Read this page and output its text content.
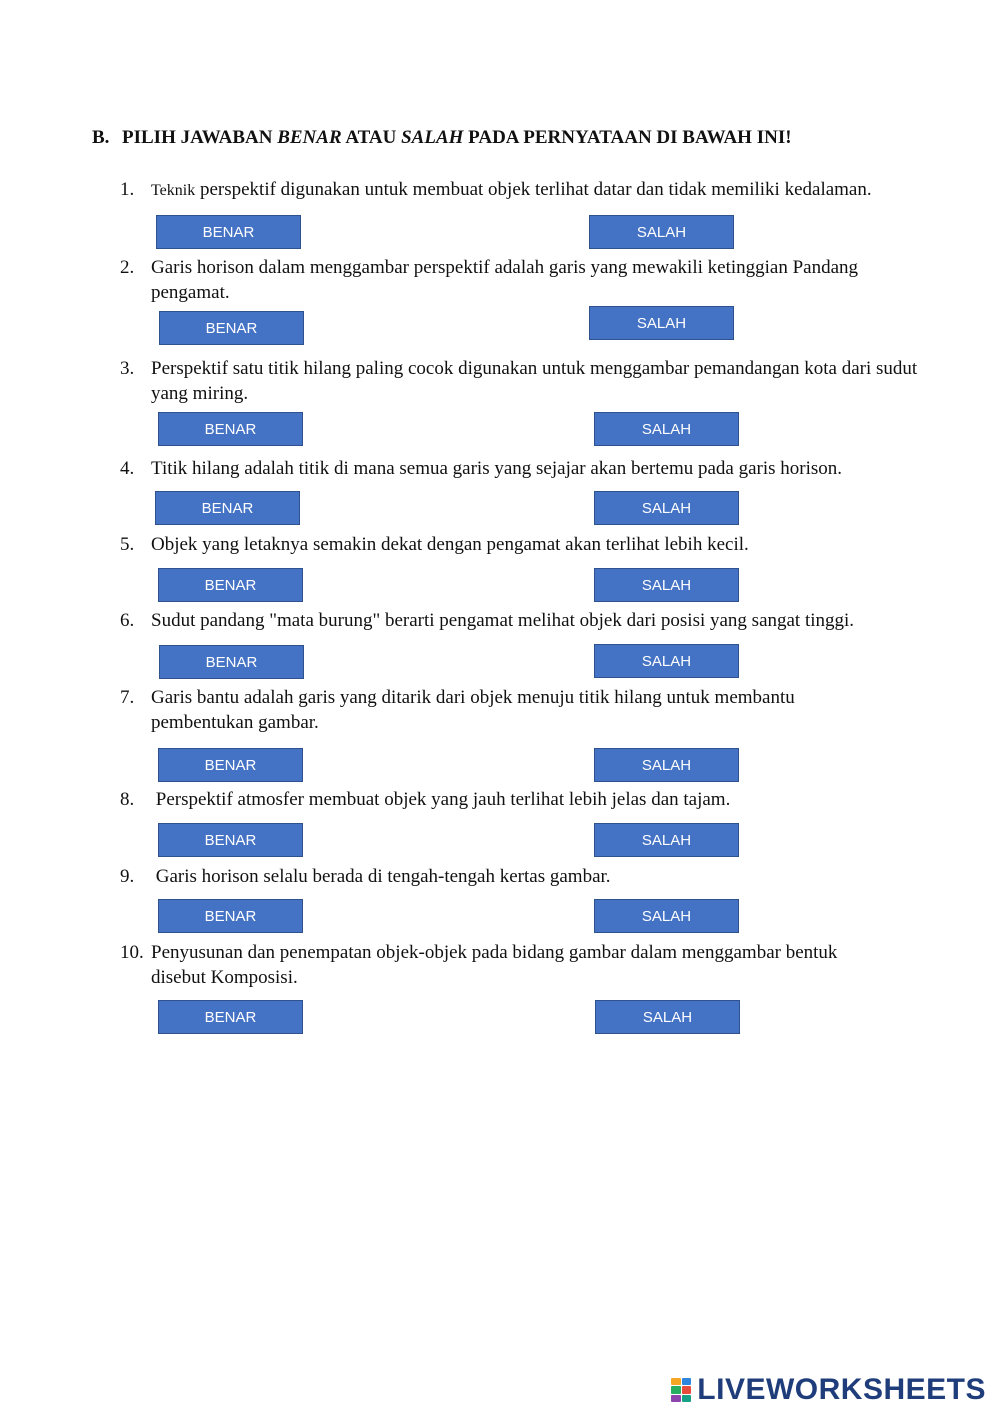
B. PILIH JAWABAN BENAR ATAU SALAH PADA PERNYATAAN DI BAWAH INI!
1. Teknik perspektif digunakan untuk membuat objek terlihat datar dan tidak memiliki kedalaman.
BENAR	SALAH
2. Garis horison dalam menggambar perspektif adalah garis yang mewakili ketinggian Pandang pengamat.
BENAR	SALAH
3. Perspektif satu titik hilang paling cocok digunakan untuk menggambar pemandangan kota dari sudut yang miring.
BENAR	SALAH
4. Titik hilang adalah titik di mana semua garis yang sejajar akan bertemu pada garis horison.
BENAR	SALAH
5. Objek yang letaknya semakin dekat dengan pengamat akan terlihat lebih kecil.
BENAR	SALAH
6. Sudut pandang "mata burung" berarti pengamat melihat objek dari posisi yang sangat tinggi.
BENAR	SALAH
7. Garis bantu adalah garis yang ditarik dari objek menuju titik hilang untuk membantu pembentukan gambar.
BENAR	SALAH
8. Perspektif atmosfer membuat objek yang jauh terlihat lebih jelas dan tajam.
BENAR	SALAH
9. Garis horison selalu berada di tengah-tengah kertas gambar.
BENAR	SALAH
10. Penyusunan dan penempatan objek-objek pada bidang gambar dalam menggambar bentuk disebut Komposisi.
BENAR	SALAH
LIVEWORKSHEETS
